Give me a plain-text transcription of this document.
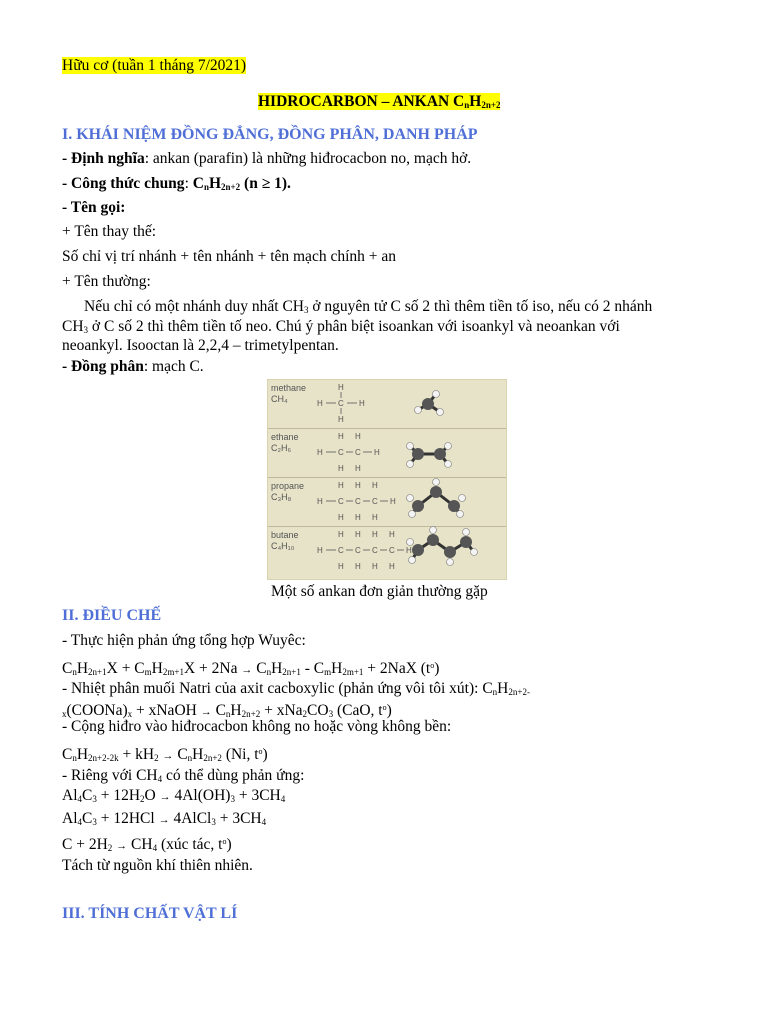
Hữu cơ (tuần 1 tháng 7/2021)
HIDROCARBON – ANKAN $C_nH_{2n+2}$
I. KHÁI NIỆM ĐỒNG ĐẲNG, ĐỒNG PHÂN, DANH PHÁP
- Định nghĩa: ankan (parafin) là những hiđrocacbon no, mạch hở.
- Công thức chung: $C_nH_{2n+2}$ (n ≥ 1).
- Tên gọi:
+ Tên thay thế:
Số chỉ vị trí nhánh + tên nhánh + tên mạch chính + an
+ Tên thường:
Nếu chỉ có một nhánh duy nhất $CH_3$ ở nguyên tử C số 2 thì thêm tiền tố iso, nếu có 2 nhánh
$CH_3$ ở C số 2 thì thêm tiền tố neo. Chú ý phân biệt isoankan với isoankyl và neoankan với
neoankyl. Isooctan là 2,2,4 – trimetylpentan.
- Đồng phân: mạch C.
methane
CH₄
ethane
C₂H₆
propane
C₃H₈
butane
C₄H₁₀
H
H C H
H
H H
H C C H
H H
H H H
H C C C H
H H H
H H H H
H C C C C H
H H H H
Một số ankan đơn giản thường gặp
II. ĐIỀU CHẾ
- Thực hiện phản ứng tổng hợp Wuyêc:
$C_nH_{2n+1}X + C_mH_{2m+1}X + 2Na \to C_nH_{2n+1} - C_mH_{2m+1} + 2NaX$ $(t^o)$
- Nhiệt phân muối Natri của axit cacboxylic (phản ứng vôi tôi xút): $C_nH_{2n+2-}$
$_x(COONa)_x$ + xNaOH → $C_nH_{2n+2} + xNa_2CO_3$ (CaO, $t^o$)
- Cộng hiđro vào hiđrocacbon không no hoặc vòng không bền:
$C_nH_{2n+2-2k} + kH_2 \to C_nH_{2n+2}$ (Ni, $t^o$)
- Riêng với $CH_4$ có thể dùng phản ứng:
$Al_4C_3 + 12H_2O \to 4Al(OH)_3 + 3CH_4$
$Al_4C_3 + 12HCl$ → 4AlCl$_3$ + $3CH_4$
$C + 2H_2 \to CH_4$ (xúc tác, $t^o$)
Tách từ nguồn khí thiên nhiên.
III. TÍNH CHẤT VẬT LÍ
